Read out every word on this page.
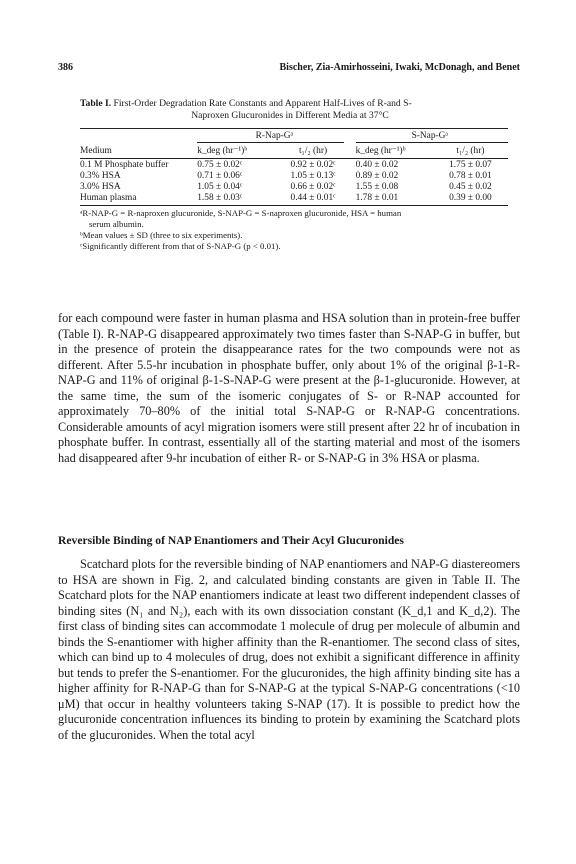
386	Bischer, Zia-Amirhosseini, Iwaki, McDonagh, and Benet
Table I. First-Order Degradation Rate Constants and Apparent Half-Lives of R-and S-
Naproxen Glucuronides in Different Media at 37°C
	R-Nap-Gᵃ		S-Nap-Gᵃ	

Medium	k_deg (hr⁻¹)ᵇ	t₁/₂ (hr)	k_deg (hr⁻¹)ᵇ	t₁/₂ (hr)

0.1 M Phosphate buffer	0.75 ± 0.02ᶜ	0.92 ± 0.02ᶜ	0.40 ± 0.02	1.75 ± 0.07
0.3% HSA	0.71 ± 0.06ᶜ	1.05 ± 0.13ᶜ	0.89 ± 0.02	0.78 ± 0.01
3.0% HSA	1.05 ± 0.04ᶜ	0.66 ± 0.02ᶜ	1.55 ± 0.08	0.45 ± 0.02
Human plasma	1.58 ± 0.03ᶜ	0.44 ± 0.01ᶜ	1.78 ± 0.01	0.39 ± 0.00
ᵃR-NAP-G = R-naproxen glucuronide, S-NAP-G = S-naproxen glucuronide, HSA = human
serum albumin.
ᵇMean values ± SD (three to six experiments).
ᶜSignificantly different from that of S-NAP-G (p < 0.01).

for each compound were faster in human plasma and HSA solution than in protein-free buffer (Table I). R-NAP-G disappeared approximately two times faster than S-NAP-G in buffer, but in the presence of protein the disappearance rates for the two compounds were not as different. After 5.5-hr incubation in phosphate buffer, only about 1% of the original β-1-R-NAP-G and 11% of original β-1-S-NAP-G were present at the β-1-glucuronide. However, at the same time, the sum of the isomeric conjugates of S- or R-NAP accounted for approximately 70–80% of the initial total S-NAP-G or R-NAP-G concentrations. Considerable amounts of acyl migration isomers were still present after 22 hr of incubation in phosphate buffer. In contrast, essentially all of the starting material and most of the isomers had disappeared after 9-hr incubation of either R- or S-NAP-G in 3% HSA or plasma.

Reversible Binding of NAP Enantiomers and Their Acyl Glucuronides

Scatchard plots for the reversible binding of NAP enantiomers and NAP-G diastereomers to HSA are shown in Fig. 2, and calculated binding constants are given in Table II. The Scatchard plots for the NAP enantiomers indicate at least two different independent classes of binding sites (N₁ and N₂), each with its own dissociation constant (K_d,1 and K_d,2). The first class of binding sites can accommodate 1 molecule of drug per molecule of albumin and binds the S-enantiomer with higher affinity than the R-enantiomer. The second class of sites, which can bind up to 4 molecules of drug, does not exhibit a significant difference in affinity but tends to prefer the S-enantiomer. For the glucuronides, the high affinity binding site has a higher affinity for R-NAP-G than for S-NAP-G at the typical S-NAP-G concentrations (<10 μM) that occur in healthy volunteers taking S-NAP (17). It is possible to predict how the glucuronide concentration influences its binding to protein by examining the Scatchard plots of the glucuronides. When the total acyl
